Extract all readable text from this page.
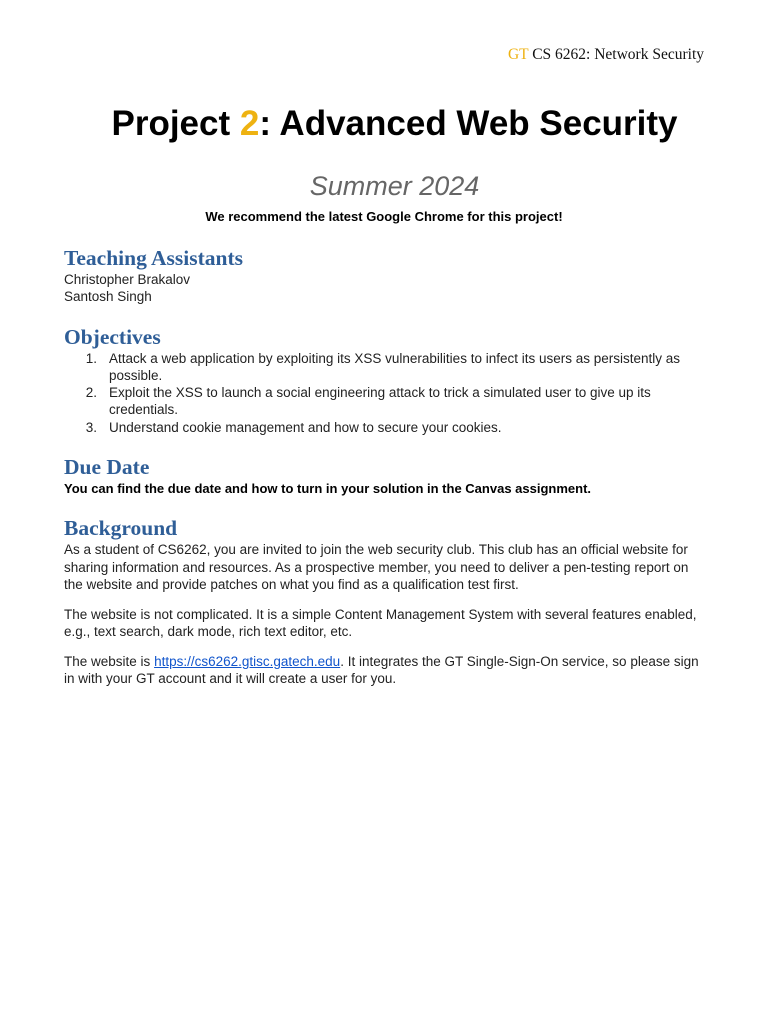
GT CS 6262: Network Security
Project 2: Advanced Web Security
Summer 2024

We recommend the latest Google Chrome for this project!

Teaching Assistants
Christopher Brakalov
Santosh Singh
Objectives
1. Attack a web application by exploiting its XSS vulnerabilities to infect its users as persistently as possible.
2. Exploit the XSS to launch a social engineering attack to trick a simulated user to give up its credentials.
3. Understand cookie management and how to secure your cookies.
Due Date

You can find the due date and how to turn in your solution in the Canvas assignment.

Background

As a student of CS6262, you are invited to join the web security club. This club has an official website for sharing information and resources. As a prospective member, you need to deliver a pen-testing report on the website and provide patches on what you find as a qualification test first.

The website is not complicated. It is a simple Content Management System with several features enabled, e.g., text search, dark mode, rich text editor, etc.

The website is https://cs6262.gtisc.gatech.edu. It integrates the GT Single-Sign-On service, so please sign in with your GT account and it will create a user for you.
